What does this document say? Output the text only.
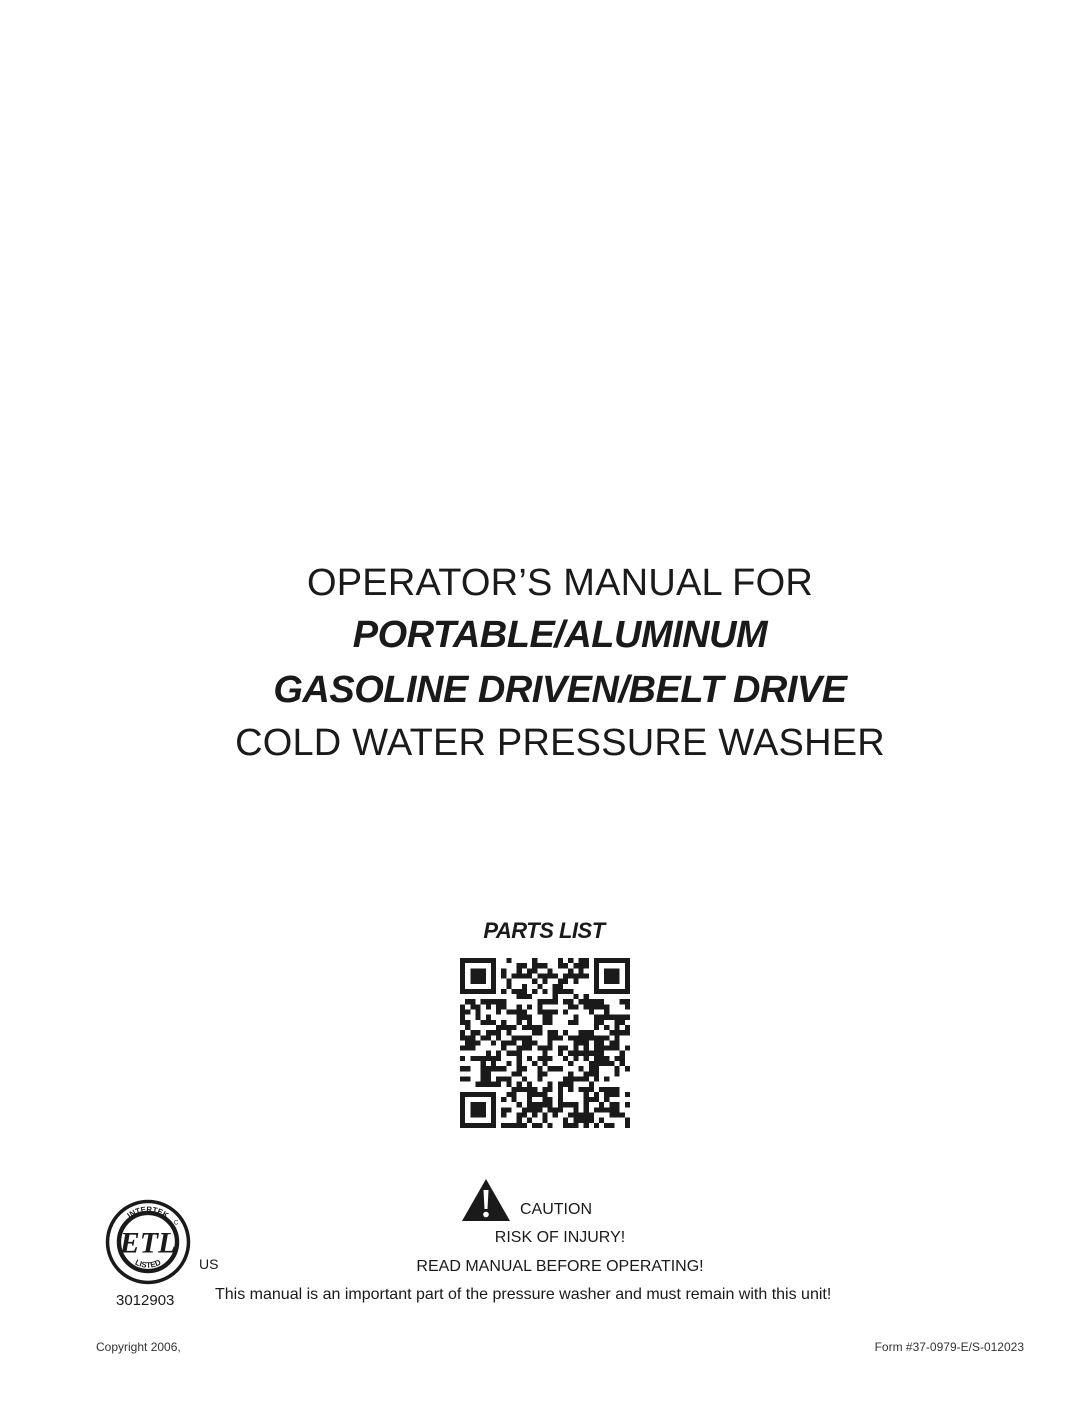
OPERATOR’S MANUAL FOR
PORTABLE/ALUMINUM
GASOLINE DRIVEN/BELT DRIVE
COLD WATER PRESSURE WASHER
PARTS LIST
INTERTEK
LISTED
ETL
C
US
3012903
CAUTION
RISK OF INJURY!
READ MANUAL BEFORE OPERATING!
This manual is an important part of the pressure washer and must remain with this unit!
Copyright 2006,	Form #37-0979-E/S-012023
